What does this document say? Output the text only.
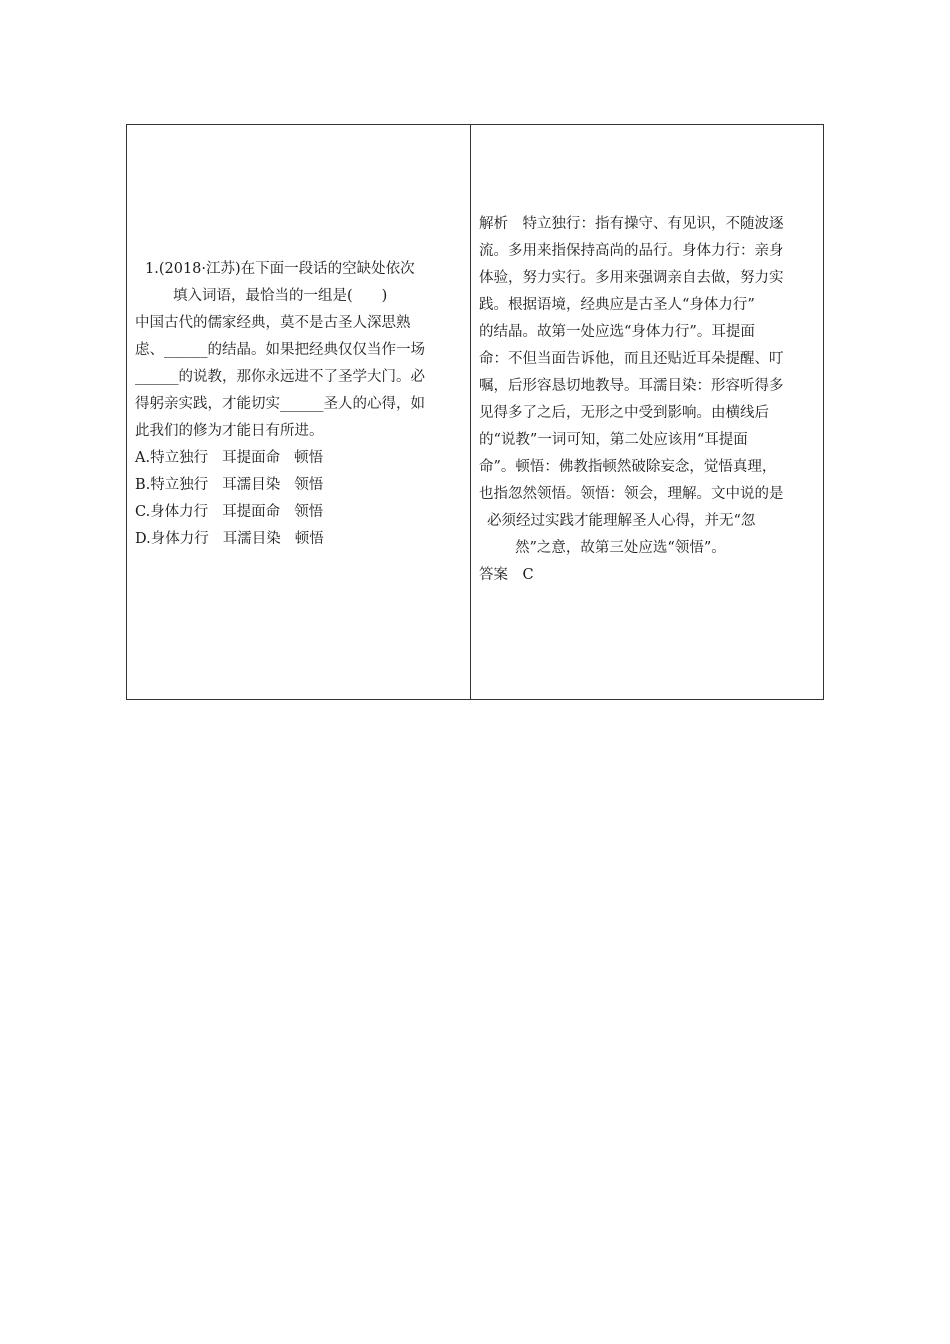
1.(2018·江苏)在下面一段话的空缺处依次
填入词语，最恰当的一组是(　　)
中国古代的儒家经典，莫不是古圣人深思熟
虑、______的结晶。如果把经典仅仅当作一场
______的说教，那你永远进不了圣学大门。必
得躬亲实践，才能切实______圣人的心得，如
此我们的修为才能日有所进。
A.特立独行 耳提面命 顿悟
B.特立独行 耳濡目染 领悟
C.身体力行 耳提面命 领悟
D.身体力行 耳濡目染 顿悟
解析　特立独行：指有操守、有见识，不随波逐
流。多用来指保持高尚的品行。身体力行：亲身
体验，努力实行。多用来强调亲自去做，努力实
践。根据语境，经典应是古圣人“身体力行”
的结晶。故第一处应选“身体力行”。耳提面
命：不但当面告诉他，而且还贴近耳朵提醒、叮
嘱，后形容恳切地教导。耳濡目染：形容听得多
见得多了之后，无形之中受到影响。由横线后
的“说教”一词可知，第二处应该用“耳提面
命”。顿悟：佛教指顿然破除妄念，觉悟真理，
也指忽然领悟。领悟：领会，理解。文中说的是
必须经过实践才能理解圣人心得，并无“忽
然”之意，故第三处应选“领悟”。
答案　C
